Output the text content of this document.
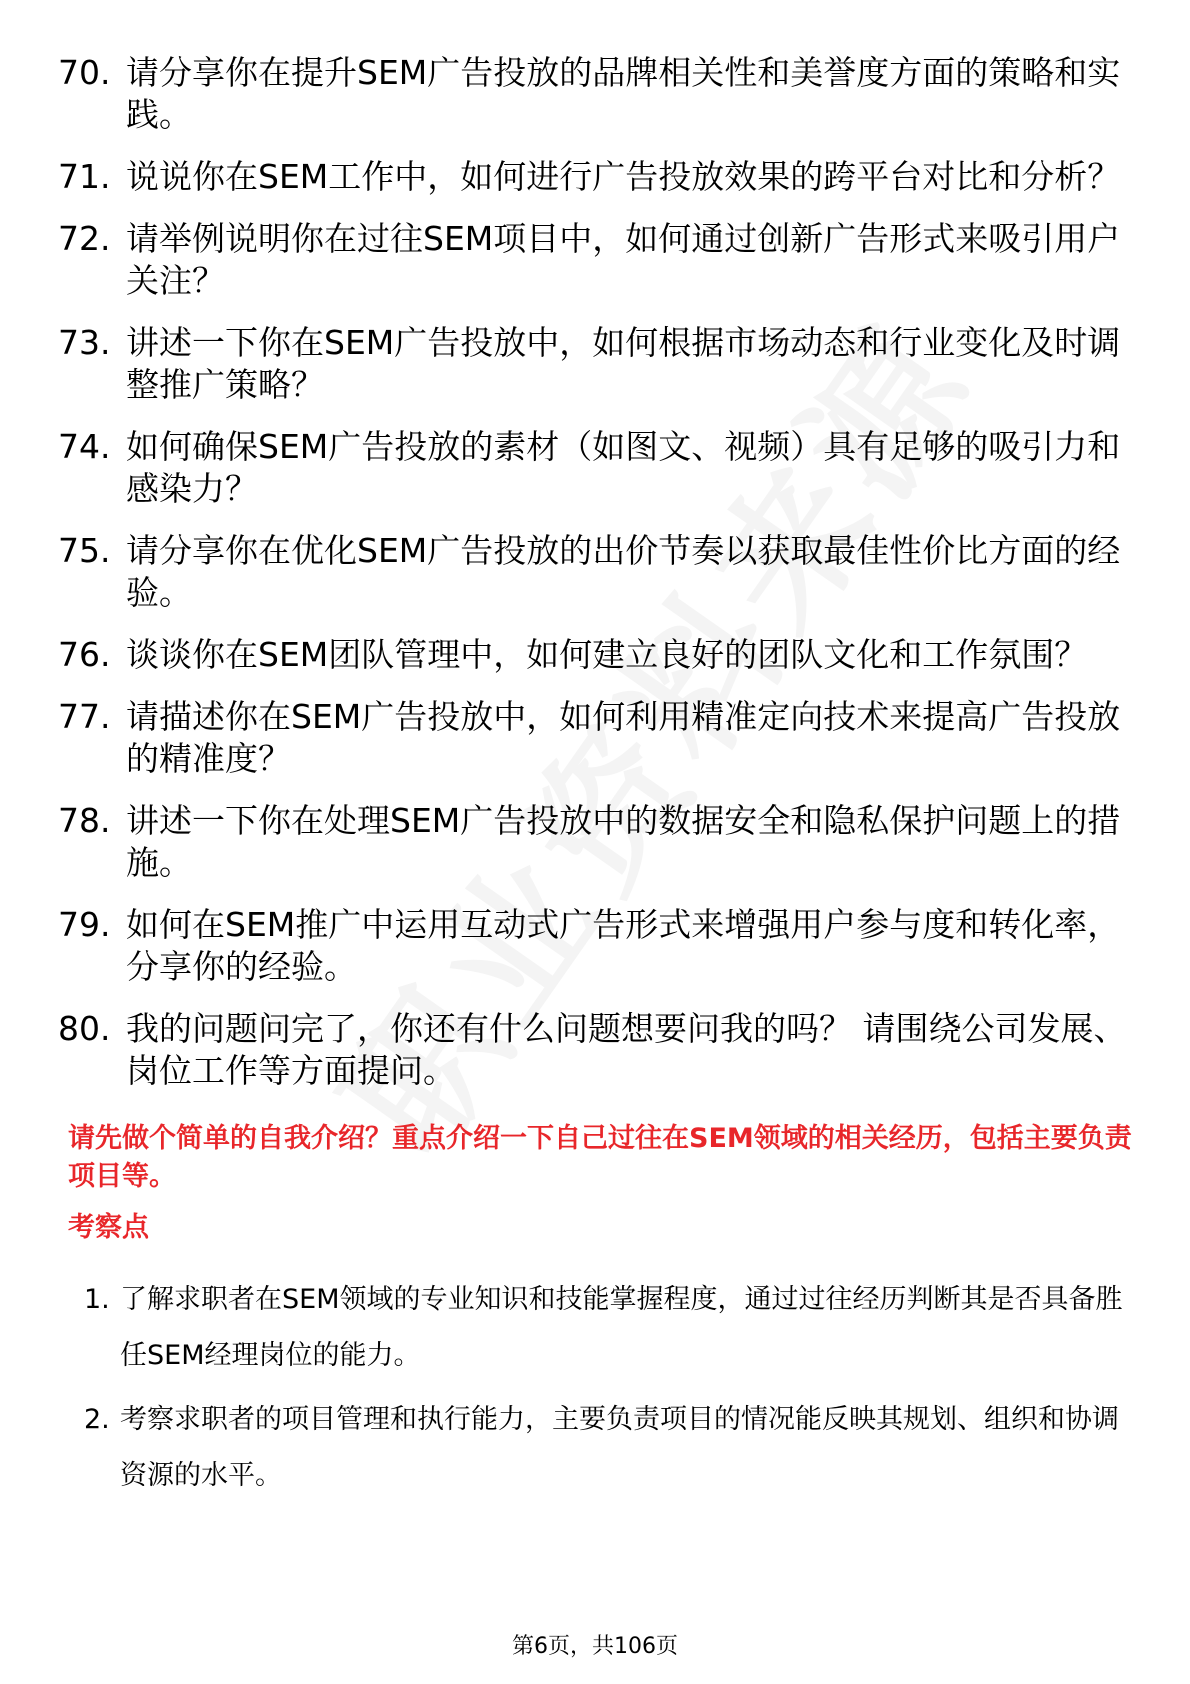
70. 请分享你在提升SEM广告投放的品牌相关性和美誉度方面的策略和实践。
71. 说说你在SEM工作中，如何进行广告投放效果的跨平台对比和分析？
72. 请举例说明你在过往SEM项目中，如何通过创新广告形式来吸引用户关注？
73. 讲述一下你在SEM广告投放中，如何根据市场动态和行业变化及时调整推广策略？
74. 如何确保SEM广告投放的素材（如图文、视频）具有足够的吸引力和感染力？
75. 请分享你在优化SEM广告投放的出价节奏以获取最佳性价比方面的经验。
76. 谈谈你在SEM团队管理中，如何建立良好的团队文化和工作氛围？
77. 请描述你在SEM广告投放中，如何利用精准定向技术来提高广告投放的精准度？
78. 讲述一下你在处理SEM广告投放中的数据安全和隐私保护问题上的措施。
79. 如何在SEM推广中运用互动式广告形式来增强用户参与度和转化率，分享你的经验。
80. 我的问题问完了，你还有什么问题想要问我的吗？ 请围绕公司发展、岗位工作等方面提问。
请先做个简单的自我介绍？重点介绍一下自己过往在SEM领域的相关经历，包括主要负责项目等。
考察点
1. 了解求职者在SEM领域的专业知识和技能掌握程度，通过过往经历判断其是否具备胜任SEM经理岗位的能力。
2. 考察求职者的项目管理和执行能力，主要负责项目的情况能反映其规划、组织和协调资源的水平。
第6页，共106页
